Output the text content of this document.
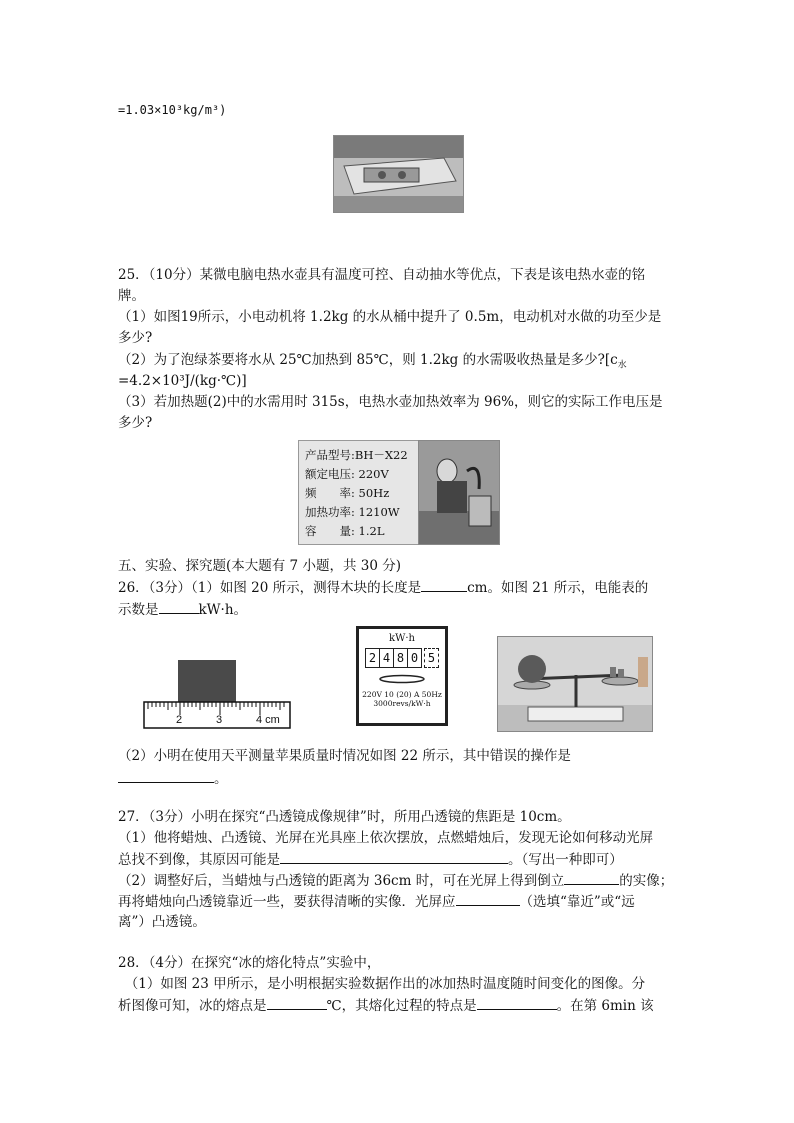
=1.03×10³kg/m³)
25．（10分）某微电脑电热水壶具有温度可控、自动抽水等优点，下表是该电热水壶的铭
牌。
（1）如图19所示，小电动机将 1.2kg 的水从桶中提升了 0.5m，电动机对水做的功至少是
多少?
（2）为了泡绿茶要将水从 25℃加热到 85℃，则 1.2kg 的水需吸收热量是多少$?[c_水$
=4.2×10³J/(kg·℃)]
（3）若加热题(2)中的水需用时 315s，电热水壶加热效率为 96%，则它的实际工作电压是
多少?
产品型号:BH－X22
额定电压: 220V
频　　率: 50Hz
加热功率: 1210W
容　　量: 1.2L
五、实验、探究题(本大题有 7 小题，共 30 分)
26．（3分）（1）如图 20 所示，测得木块的长度是	cm。如图 21 所示，电能表的
示数是	kW·h。
2	3	4 cm
kW·h
2 4 8 0 5
220V 10 (20) A 50Hz
3000revs/kW·h
（2）小明在使用天平测量苹果质量时情况如图 22 所示，其中错误的操作是
。
27．（3分）小明在探究“凸透镜成像规律”时，所用凸透镜的焦距是 10cm。
（1）他将蜡烛、凸透镜、光屏在光具座上依次摆放，点燃蜡烛后，发现无论如何移动光屏
总找不到像，其原因可能是	。（写出一种即可）
（2）调整好后，当蜡烛与凸透镜的距离为 36cm 时，可在光屏上得到倒立	的实像；
再将蜡烛向凸透镜靠近一些，要获得清晰的实像．光屏应	（选填“靠近”或“远
离”）凸透镜。
28．（4分）在探究“冰的熔化特点”实验中，
　（1）如图 23 甲所示，是小明根据实验数据作出的冰加热时温度随时间变化的图像。分
析图像可知，冰的熔点是	℃，其熔化过程的特点是	。在第 6min 该
